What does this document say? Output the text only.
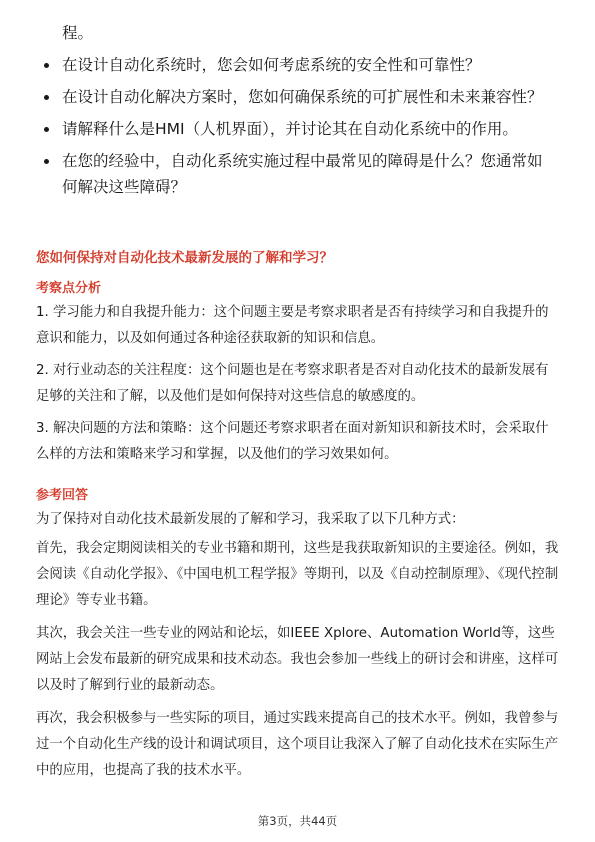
程。
在设计自动化系统时，您会如何考虑系统的安全性和可靠性？
在设计自动化解决方案时，您如何确保系统的可扩展性和未来兼容性？
请解释什么是HMI（人机界面），并讨论其在自动化系统中的作用。
在您的经验中，自动化系统实施过程中最常见的障碍是什么？您通常如何解决这些障碍？
您如何保持对自动化技术最新发展的了解和学习？
考察点分析
1. 学习能力和自我提升能力：这个问题主要是考察求职者是否有持续学习和自我提升的意识和能力，以及如何通过各种途径获取新的知识和信息。
2. 对行业动态的关注程度：这个问题也是在考察求职者是否对自动化技术的最新发展有足够的关注和了解，以及他们是如何保持对这些信息的敏感度的。
3. 解决问题的方法和策略：这个问题还考察求职者在面对新知识和新技术时，会采取什么样的方法和策略来学习和掌握，以及他们的学习效果如何。
参考回答
为了保持对自动化技术最新发展的了解和学习，我采取了以下几种方式：
首先，我会定期阅读相关的专业书籍和期刊，这些是我获取新知识的主要途径。例如，我会阅读《自动化学报》、《中国电机工程学报》等期刊，以及《自动控制原理》、《现代控制理论》等专业书籍。
其次，我会关注一些专业的网站和论坛，如IEEE Xplore、Automation World等，这些网站上会发布最新的研究成果和技术动态。我也会参加一些线上的研讨会和讲座，这样可以及时了解到行业的最新动态。
再次，我会积极参与一些实际的项目，通过实践来提高自己的技术水平。例如，我曾参与过一个自动化生产线的设计和调试项目，这个项目让我深入了解了自动化技术在实际生产中的应用，也提高了我的技术水平。
第3页，共44页
